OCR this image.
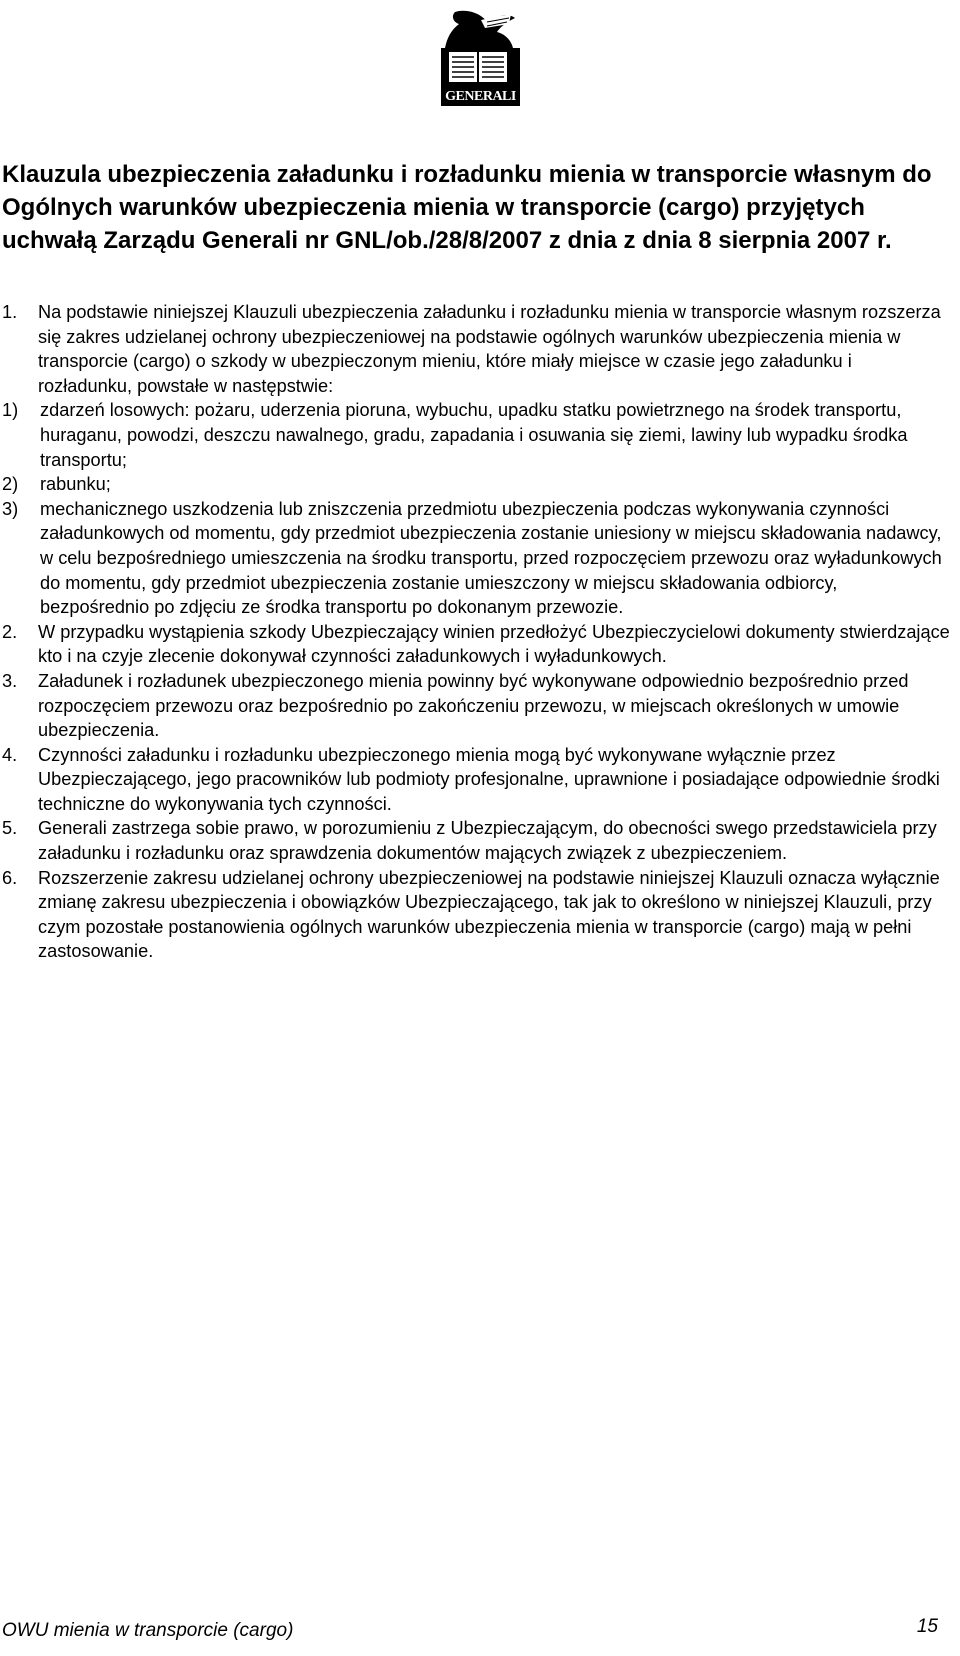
GENERALI
Klauzula ubezpieczenia załadunku i rozładunku mienia w transporcie własnym do Ogólnych warunków ubezpieczenia mienia w transporcie (cargo) przyjętych uchwałą Zarządu Generali nr GNL/ob./28/8/2007 z dnia z dnia 8 sierpnia 2007 r.
1.	Na podstawie niniejszej Klauzuli ubezpieczenia załadunku i rozładunku mienia w transporcie własnym rozszerza się zakres udzielanej ochrony ubezpieczeniowej na podstawie ogólnych warunków ubezpieczenia mienia w transporcie (cargo) o szkody w ubezpieczonym mieniu, które miały miejsce w czasie jego załadunku i rozładunku, powstałe w następstwie:
1)	zdarzeń losowych: pożaru, uderzenia pioruna, wybuchu, upadku statku powietrznego na środek transportu, huraganu, powodzi, deszczu nawalnego, gradu, zapadania i osuwania się ziemi, lawiny lub wypadku środka transportu;
2)	rabunku;
3)	mechanicznego uszkodzenia lub zniszczenia przedmiotu ubezpieczenia podczas wykonywania czynności załadunkowych od momentu, gdy przedmiot ubezpieczenia zostanie uniesiony w miejscu składowania nadawcy, w celu bezpośredniego umieszczenia na środku transportu, przed rozpoczęciem przewozu oraz wyładunkowych do momentu, gdy przedmiot ubezpieczenia zostanie umieszczony w miejscu składowania odbiorcy, bezpośrednio po zdjęciu ze środka transportu po dokonanym przewozie.
2.	W przypadku wystąpienia szkody Ubezpieczający winien przedłożyć Ubezpieczycielowi dokumenty stwierdzające kto i na czyje zlecenie dokonywał czynności załadunkowych i wyładunkowych.
3.	Załadunek i rozładunek ubezpieczonego mienia powinny być wykonywane odpowiednio bezpośrednio przed rozpoczęciem przewozu oraz bezpośrednio po zakończeniu przewozu, w miejscach określonych w umowie ubezpieczenia.
4.	Czynności załadunku i rozładunku ubezpieczonego mienia mogą być wykonywane wyłącznie przez Ubezpieczającego, jego pracowników lub podmioty profesjonalne, uprawnione i posiadające odpowiednie środki techniczne do wykonywania tych czynności.
5.	Generali zastrzega sobie prawo, w porozumieniu z Ubezpieczającym, do obecności swego przedstawiciela przy załadunku i rozładunku oraz sprawdzenia dokumentów mających związek z ubezpieczeniem.
6.	Rozszerzenie zakresu udzielanej ochrony ubezpieczeniowej na podstawie niniejszej Klauzuli oznacza wyłącznie zmianę zakresu ubezpieczenia i obowiązków Ubezpieczającego, tak jak to określono w niniejszej Klauzuli, przy czym pozostałe postanowienia ogólnych warunków ubezpieczenia mienia w transporcie (cargo) mają w pełni zastosowanie.
OWU mienia w transporcie (cargo)	15
